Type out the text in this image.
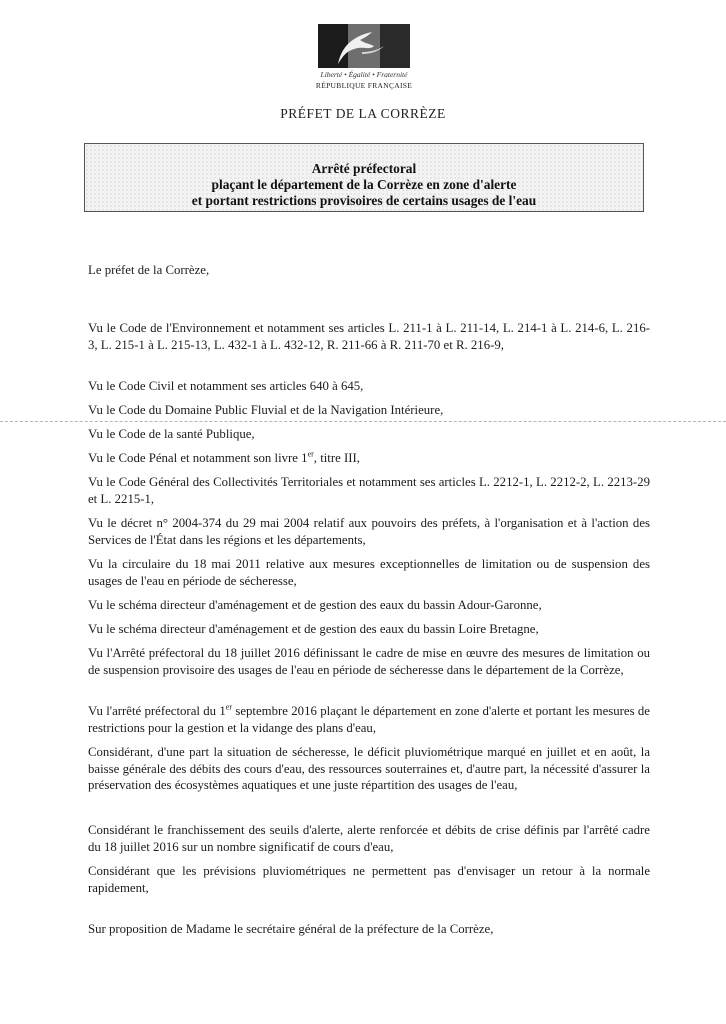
Liberté • Égalité • Fraternité
RÉPUBLIQUE FRANÇAISE
PRÉFET DE LA CORRÈZE
Arrêté préfectoral
plaçant le département de la Corrèze en zone d'alerte
et portant restrictions provisoires de certains usages de l'eau
Le préfet de la Corrèze,
Vu le Code de l'Environnement et notamment ses articles L. 211-1 à L. 211-14, L. 214-1 à L. 214-6, L. 216-3, L. 215-1 à L. 215-13, L. 432-1 à L. 432-12, R. 211-66 à R. 211-70 et R. 216-9,
Vu le Code Civil et notamment ses articles 640 à 645,
Vu le Code du Domaine Public Fluvial et de la Navigation Intérieure,
Vu le Code de la santé Publique,
Vu le Code Pénal et notamment son livre 1er, titre III,
Vu le Code Général des Collectivités Territoriales et notamment ses articles L. 2212-1, L. 2212-2, L. 2213-29 et L. 2215-1,
Vu le décret n° 2004-374 du 29 mai 2004 relatif aux pouvoirs des préfets, à l'organisation et à l'action des Services de l'État dans les régions et les départements,
Vu la circulaire du 18 mai 2011 relative aux mesures exceptionnelles de limitation ou de suspension des usages de l'eau en période de sécheresse,
Vu le schéma directeur d'aménagement et de gestion des eaux du bassin Adour-Garonne,
Vu le schéma directeur d'aménagement et de gestion des eaux du bassin Loire Bretagne,
Vu l'Arrêté préfectoral du 18 juillet 2016 définissant le cadre de mise en œuvre des mesures de limitation ou de suspension provisoire des usages de l'eau en période de sécheresse dans le département de la Corrèze,
Vu l'arrêté préfectoral du 1er septembre 2016 plaçant le département en zone d'alerte et portant les mesures de restrictions pour la gestion et la vidange des plans d'eau,
Considérant, d'une part la situation de sécheresse, le déficit pluviométrique marqué en juillet et en août, la baisse générale des débits des cours d'eau, des ressources souterraines et, d'autre part, la nécessité d'assurer la préservation des écosystèmes aquatiques et une juste répartition des usages de l'eau,
Considérant le franchissement des seuils d'alerte, alerte renforcée et débits de crise définis par l'arrêté cadre du 18 juillet 2016 sur un nombre significatif de cours d'eau,
Considérant que les prévisions pluviométriques ne permettent pas d'envisager un retour à la normale rapidement,
Sur proposition de Madame le secrétaire général de la préfecture de la Corrèze,
